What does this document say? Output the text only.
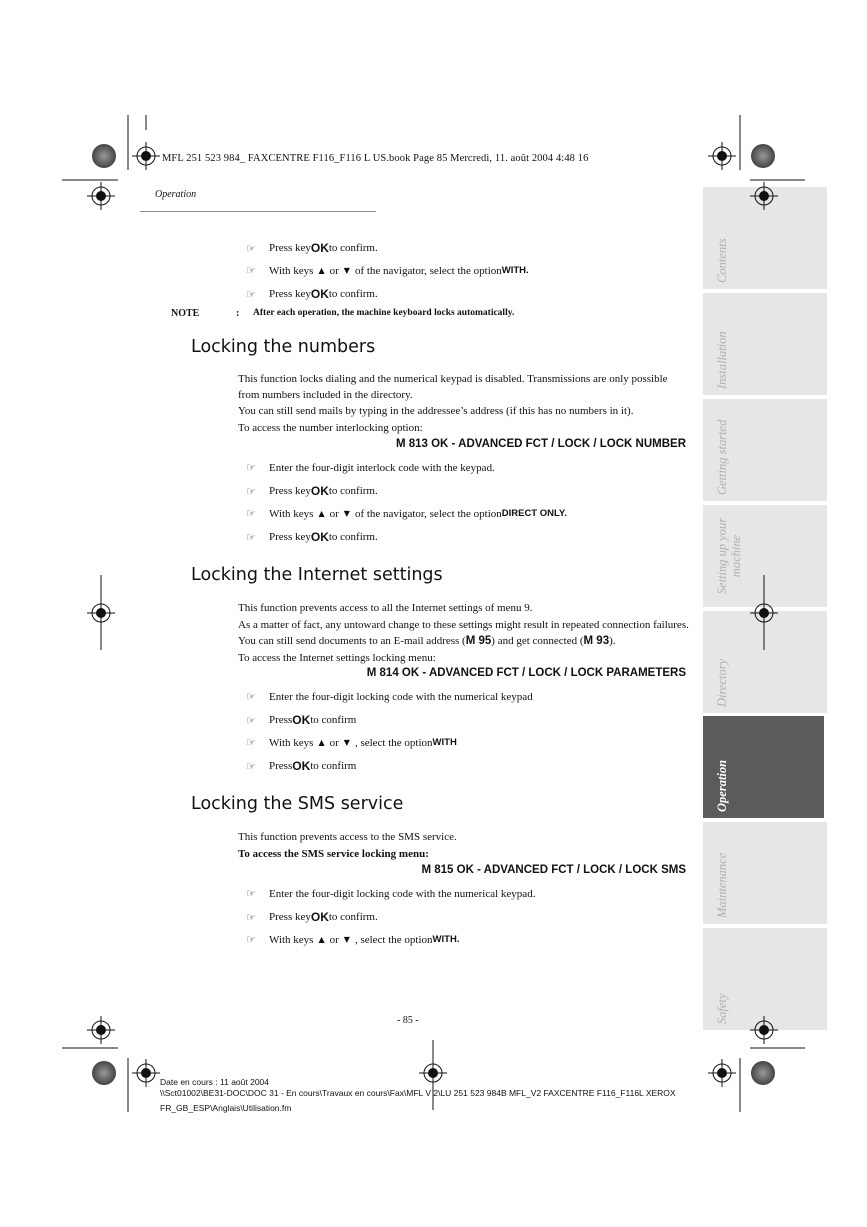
MFL 251 523 984_ FAXCENTRE F116_F116 L US.book Page 85 Mercredi, 11. août 2004 4:48 16
Operation
☞	Press key OK to confirm.
☞	With keys ▲ or ▼ of the navigator, select the option WITH.
☞	Press key OK to confirm.
NOTE	: After each operation, the machine keyboard locks automatically.
Locking the numbers
This function locks dialing and the numerical keypad is disabled. Transmissions are only possible from numbers included in the directory.
You can still send mails by typing in the addressee’s address (if this has no numbers in it).
To access the number interlocking option:
M 813 OK - ADVANCED FCT / LOCK / LOCK NUMBER
☞	Enter the four-digit interlock code with the keypad.
☞	Press key OK to confirm.
☞	With keys ▲ or ▼ of the navigator, select the option DIRECT ONLY.
☞	Press key OK to confirm.
Locking the Internet settings
This function prevents access to all the Internet settings of menu 9.
As a matter of fact, any untoward change to these settings might result in repeated connection failures. You can still send documents to an E-mail address (M 95) and get connected (M 93).
To access the Internet settings locking menu:
M 814 OK - ADVANCED FCT / LOCK / LOCK PARAMETERS
☞	Enter the four-digit locking code with the numerical keypad
☞	Press OK to confirm
☞	With keys ▲ or ▼ , select the option WITH
☞	Press OK to confirm
Locking the SMS service
This function prevents access to the SMS service.
To access the SMS service locking menu:
M 815 OK - ADVANCED FCT / LOCK / LOCK SMS
☞	Enter the four-digit locking code with the numerical keypad.
☞	Press key OK to confirm.
☞	With keys ▲ or ▼ , select the option WITH.
- 85 -
Date en cours : 11 août 2004
\\Sct01002\BE31-DOC\DOC 31 - En cours\Travaux en cours\Fax\MFL V 2\LU 251 523 984B MFL_V2 FAXCENTRE F116_F116L XEROX
FR_GB_ESP\Anglais\Utilisation.fm
Contents
Installation
Getting started
Setting up your machine
Directory
Operation
Maintenance
Safety
